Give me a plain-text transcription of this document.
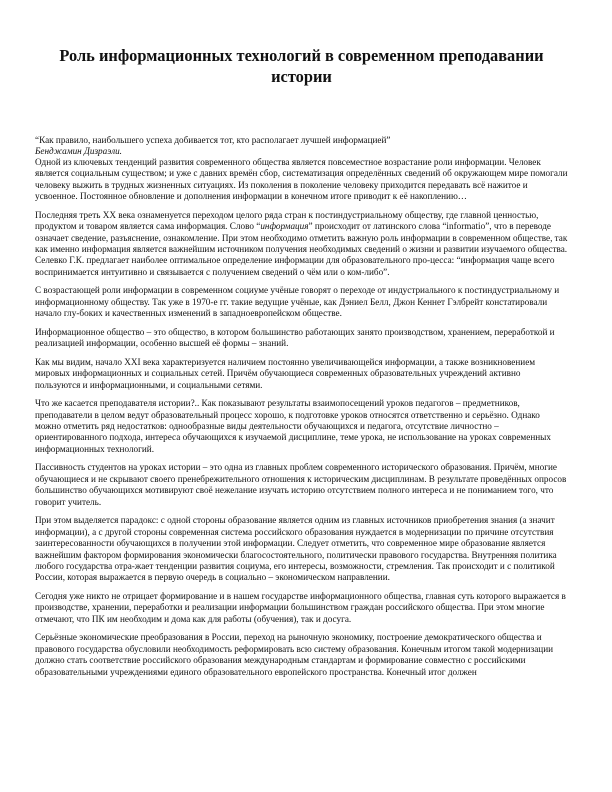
Роль информационных технологий в современном преподавании истории
“Как правило, наибольшего успеха добивается тот, кто располагает лучшей информацией”
Бенджамин Дизраэли.

Одной из ключевых тенденций развития современного общества является повсеместное возрастание роли информации. Человек является социальным существом; и уже с давних времён сбор, систематизация определённых сведений об окружающем мире помогали человеку выжить в трудных жизненных ситуациях. Из поколения в поколение человеку приходится передавать всё нажитое и усвоенное. Постоянное обновление и дополнения информации в конечном итоге приводит к её накоплению…

Последняя треть XX века ознаменуется переходом целого ряда стран к постиндустриальному обществу, где главной ценностью, продуктом и товаром является сама информация. Слово “информация” происходит от латинского слова “informatio”, что в переводе означает сведение, разъяснение, ознакомление. При этом необходимо отметить важную роль информации в современном обществе, так как именно информация является важнейшим источником получения необходимых сведений о жизни и развитии изучаемого общества. Селевко Г.К. предлагает наиболее оптимальное определение информации для образовательного про-цесса: “информация чаще всего воспринимается интуитивно и связывается с получением сведений о чём или о ком-либо”.

С возрастающей роли информации в современном социуме учёные говорят о переходе от индустриального к постиндустриальному и информационному обществу. Так уже в 1970-е гг. такие ведущие учёные, как Дэниел Белл, Джон Кеннет Гэлбрейт констатировали начало глу-боких и качественных изменений в западноевропейском обществе.

Информационное общество – это общество, в котором большинство работающих занято производством, хранением, переработкой и реализацией информации, особенно высшей её формы – знаний.

Как мы видим, начало XXI века характеризуется наличием постоянно увеличивающейся информации, а также возникновением мировых информационных и социальных сетей. Причём обучающиеся современных образовательных учреждений активно пользуются и информационными, и социальными сетями.

Что же касается преподавателя истории?.. Как показывают результаты взаимопосещений уроков педагогов – предметников, преподаватели в целом ведут образовательный процесс хорошо, к подготовке уроков относятся ответственно и серьёзно. Однако можно отметить ряд недостатков: однообразные виды деятельности обучающихся и педагога, отсутствие личностно – ориентированного подхода, интереса обучающихся к изучаемой дисциплине, теме урока, не использование на уроках современных информационных технологий.

Пассивность студентов на уроках истории – это одна из главных проблем современного исторического образования. Причём, многие обучающиеся и не скрывают своего пренебрежительного отношения к историческим дисциплинам. В результате проведённых опросов большинство обучающихся мотивируют своё нежелание изучать историю отсутствием полного интереса и не пониманием того, что говорит учитель.

При этом выделяется парадокс: с одной стороны образование является одним из главных источников приобретения знания (а значит информации), а с другой стороны современная система российского образования нуждается в модернизации по причине отсутствия заинтересованности обучающихся в получении этой информации. Следует отметить, что современное мире образование является важнейшим фактором формирования экономически благосостоятельного, политически правового государства. Внутренняя политика любого государства отра-жает тенденции развития социума, его интересы, возможности, стремления. Так происходит и с политикой России, которая выражается в первую очередь в социально – экономическом направлении.

Сегодня уже никто не отрицает формирование и в нашем государстве информационного общества, главная суть которого выражается в производстве, хранении, переработки и реализации информации большинством граждан российского общества. При этом многие отмечают, что ПК им необходим и дома как для работы (обучения), так и досуга.

Серьёзные экономические преобразования в России, переход на рыночную экономику, построение демократического общества и правового государства обусловили необходимость реформировать всю систему образования. Конечным итогом такой модернизации должно стать соответствие российского образования международным стандартам и формирование совместно с российскими образовательными учреждениями единого образовательного европейского пространства. Конечный итог должен
